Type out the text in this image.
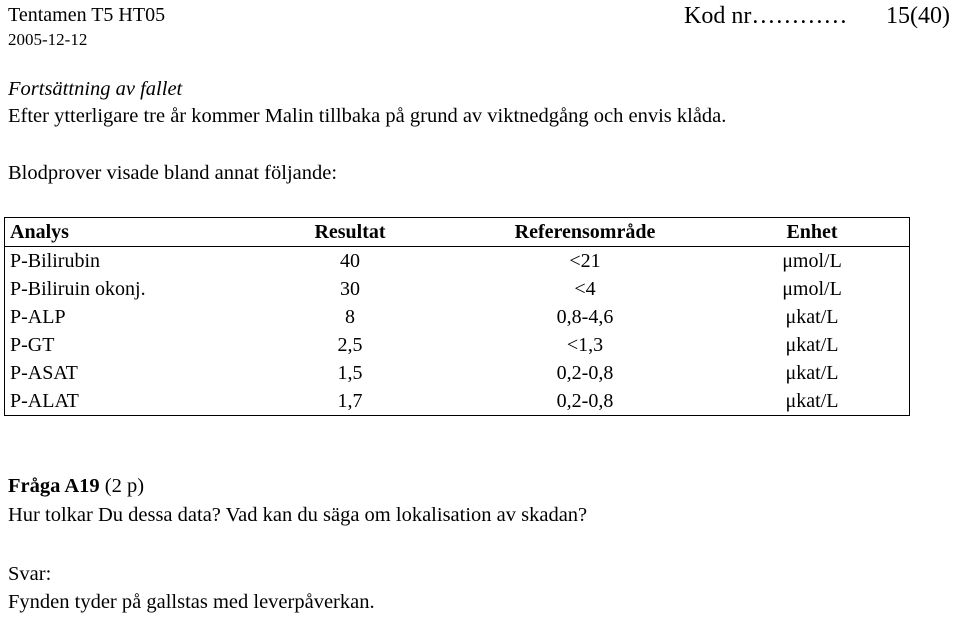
Tentamen T5 HT05
2005-12-12
Kod nr………… 15(40)
Fortsättning av fallet
Efter ytterligare tre år kommer Malin tillbaka på grund av viktnedgång och envis klåda.
Blodprover visade bland annat följande:
Analys	Resultat	Referensområde	Enhet
P-Bilirubin	40	<21	μmol/L
P-Biliruin okonj.	30	<4	μmol/L
P-ALP	8	0,8-4,6	μkat/L
P-GT	2,5	<1,3	μkat/L
P-ASAT	1,5	0,2-0,8	μkat/L
P-ALAT	1,7	0,2-0,8	μkat/L
Fråga A19 (2 p)
Hur tolkar Du dessa data? Vad kan du säga om lokalisation av skadan?
Svar:
Fynden tyder på gallstas med leverpåverkan.
